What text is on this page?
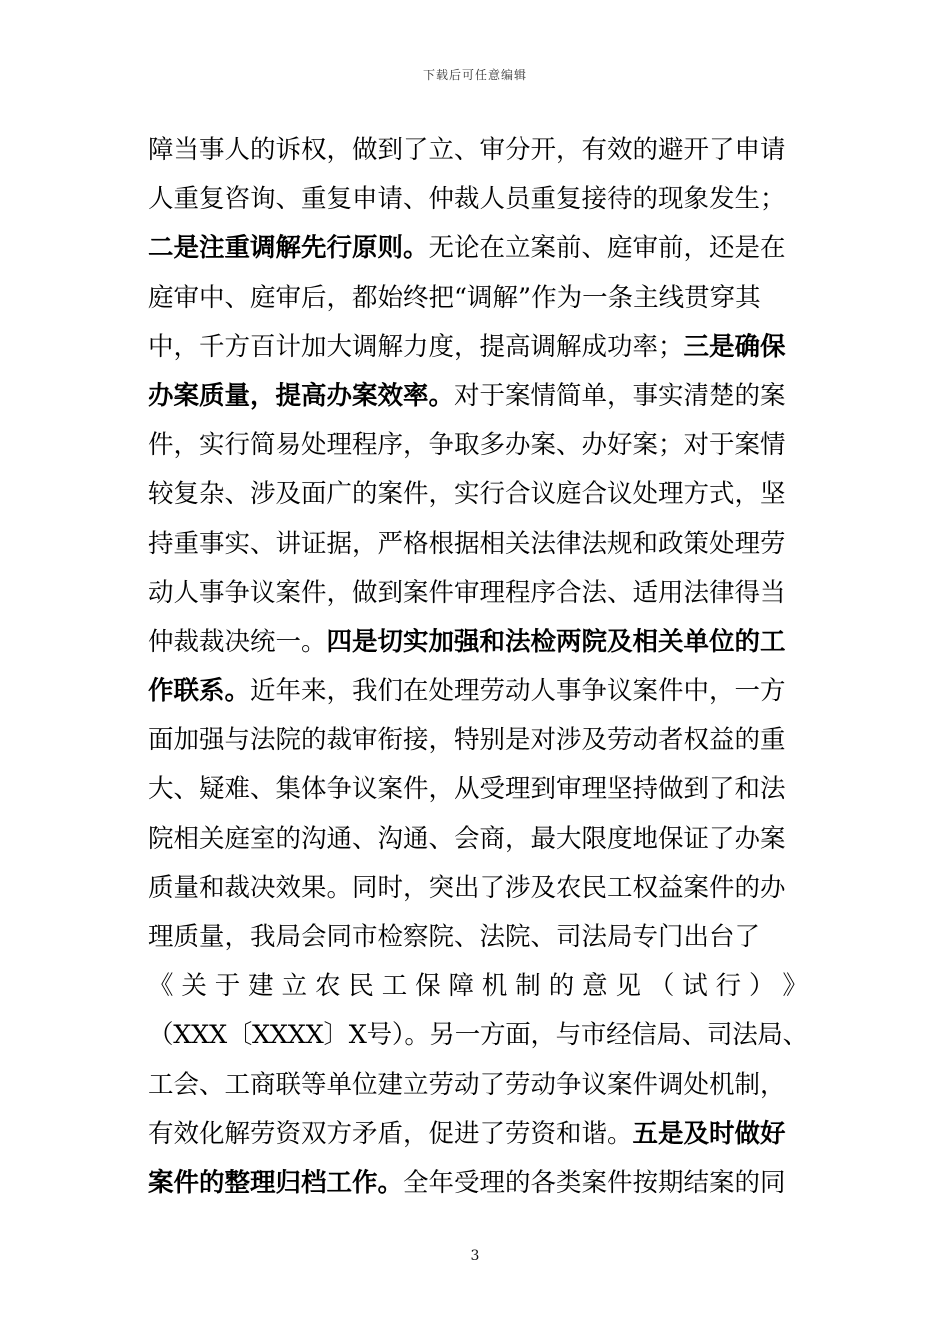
下载后可任意编辑
障当事人的诉权，做到了立、审分开，有效的避开了申请
人重复咨询、重复申请、仲裁人员重复接待的现象发生；
二是注重调解先行原则。无论在立案前、庭审前，还是在
庭审中、庭审后，都始终把“调解”作为一条主线贯穿其
中，千方百计加大调解力度，提高调解成功率；三是确保
办案质量，提高办案效率。对于案情简单，事实清楚的案
件，实行简易处理程序，争取多办案、办好案；对于案情
较复杂、涉及面广的案件，实行合议庭合议处理方式，坚
持重事实、讲证据，严格根据相关法律法规和政策处理劳
动人事争议案件，做到案件审理程序合法、适用法律得当
仲裁裁决统一。四是切实加强和法检两院及相关单位的工
作联系。近年来，我们在处理劳动人事争议案件中，一方
面加强与法院的裁审衔接，特别是对涉及劳动者权益的重
大、疑难、集体争议案件，从受理到审理坚持做到了和法
院相关庭室的沟通、沟通、会商，最大限度地保证了办案
质量和裁决效果。同时，突出了涉及农民工权益案件的办
理质量，我局会同市检察院、法院、司法局专门出台了
《 关 于 建 立 农 民 工 保 障 机 制 的 意 见 （ 试 行 ） 》
（XXX〔XXXX〕X号）。另一方面，与市经信局、司法局、
工会、工商联等单位建立劳动了劳动争议案件调处机制，
有效化解劳资双方矛盾，促进了劳资和谐。五是及时做好
案件的整理归档工作。全年受理的各类案件按期结案的同
3
